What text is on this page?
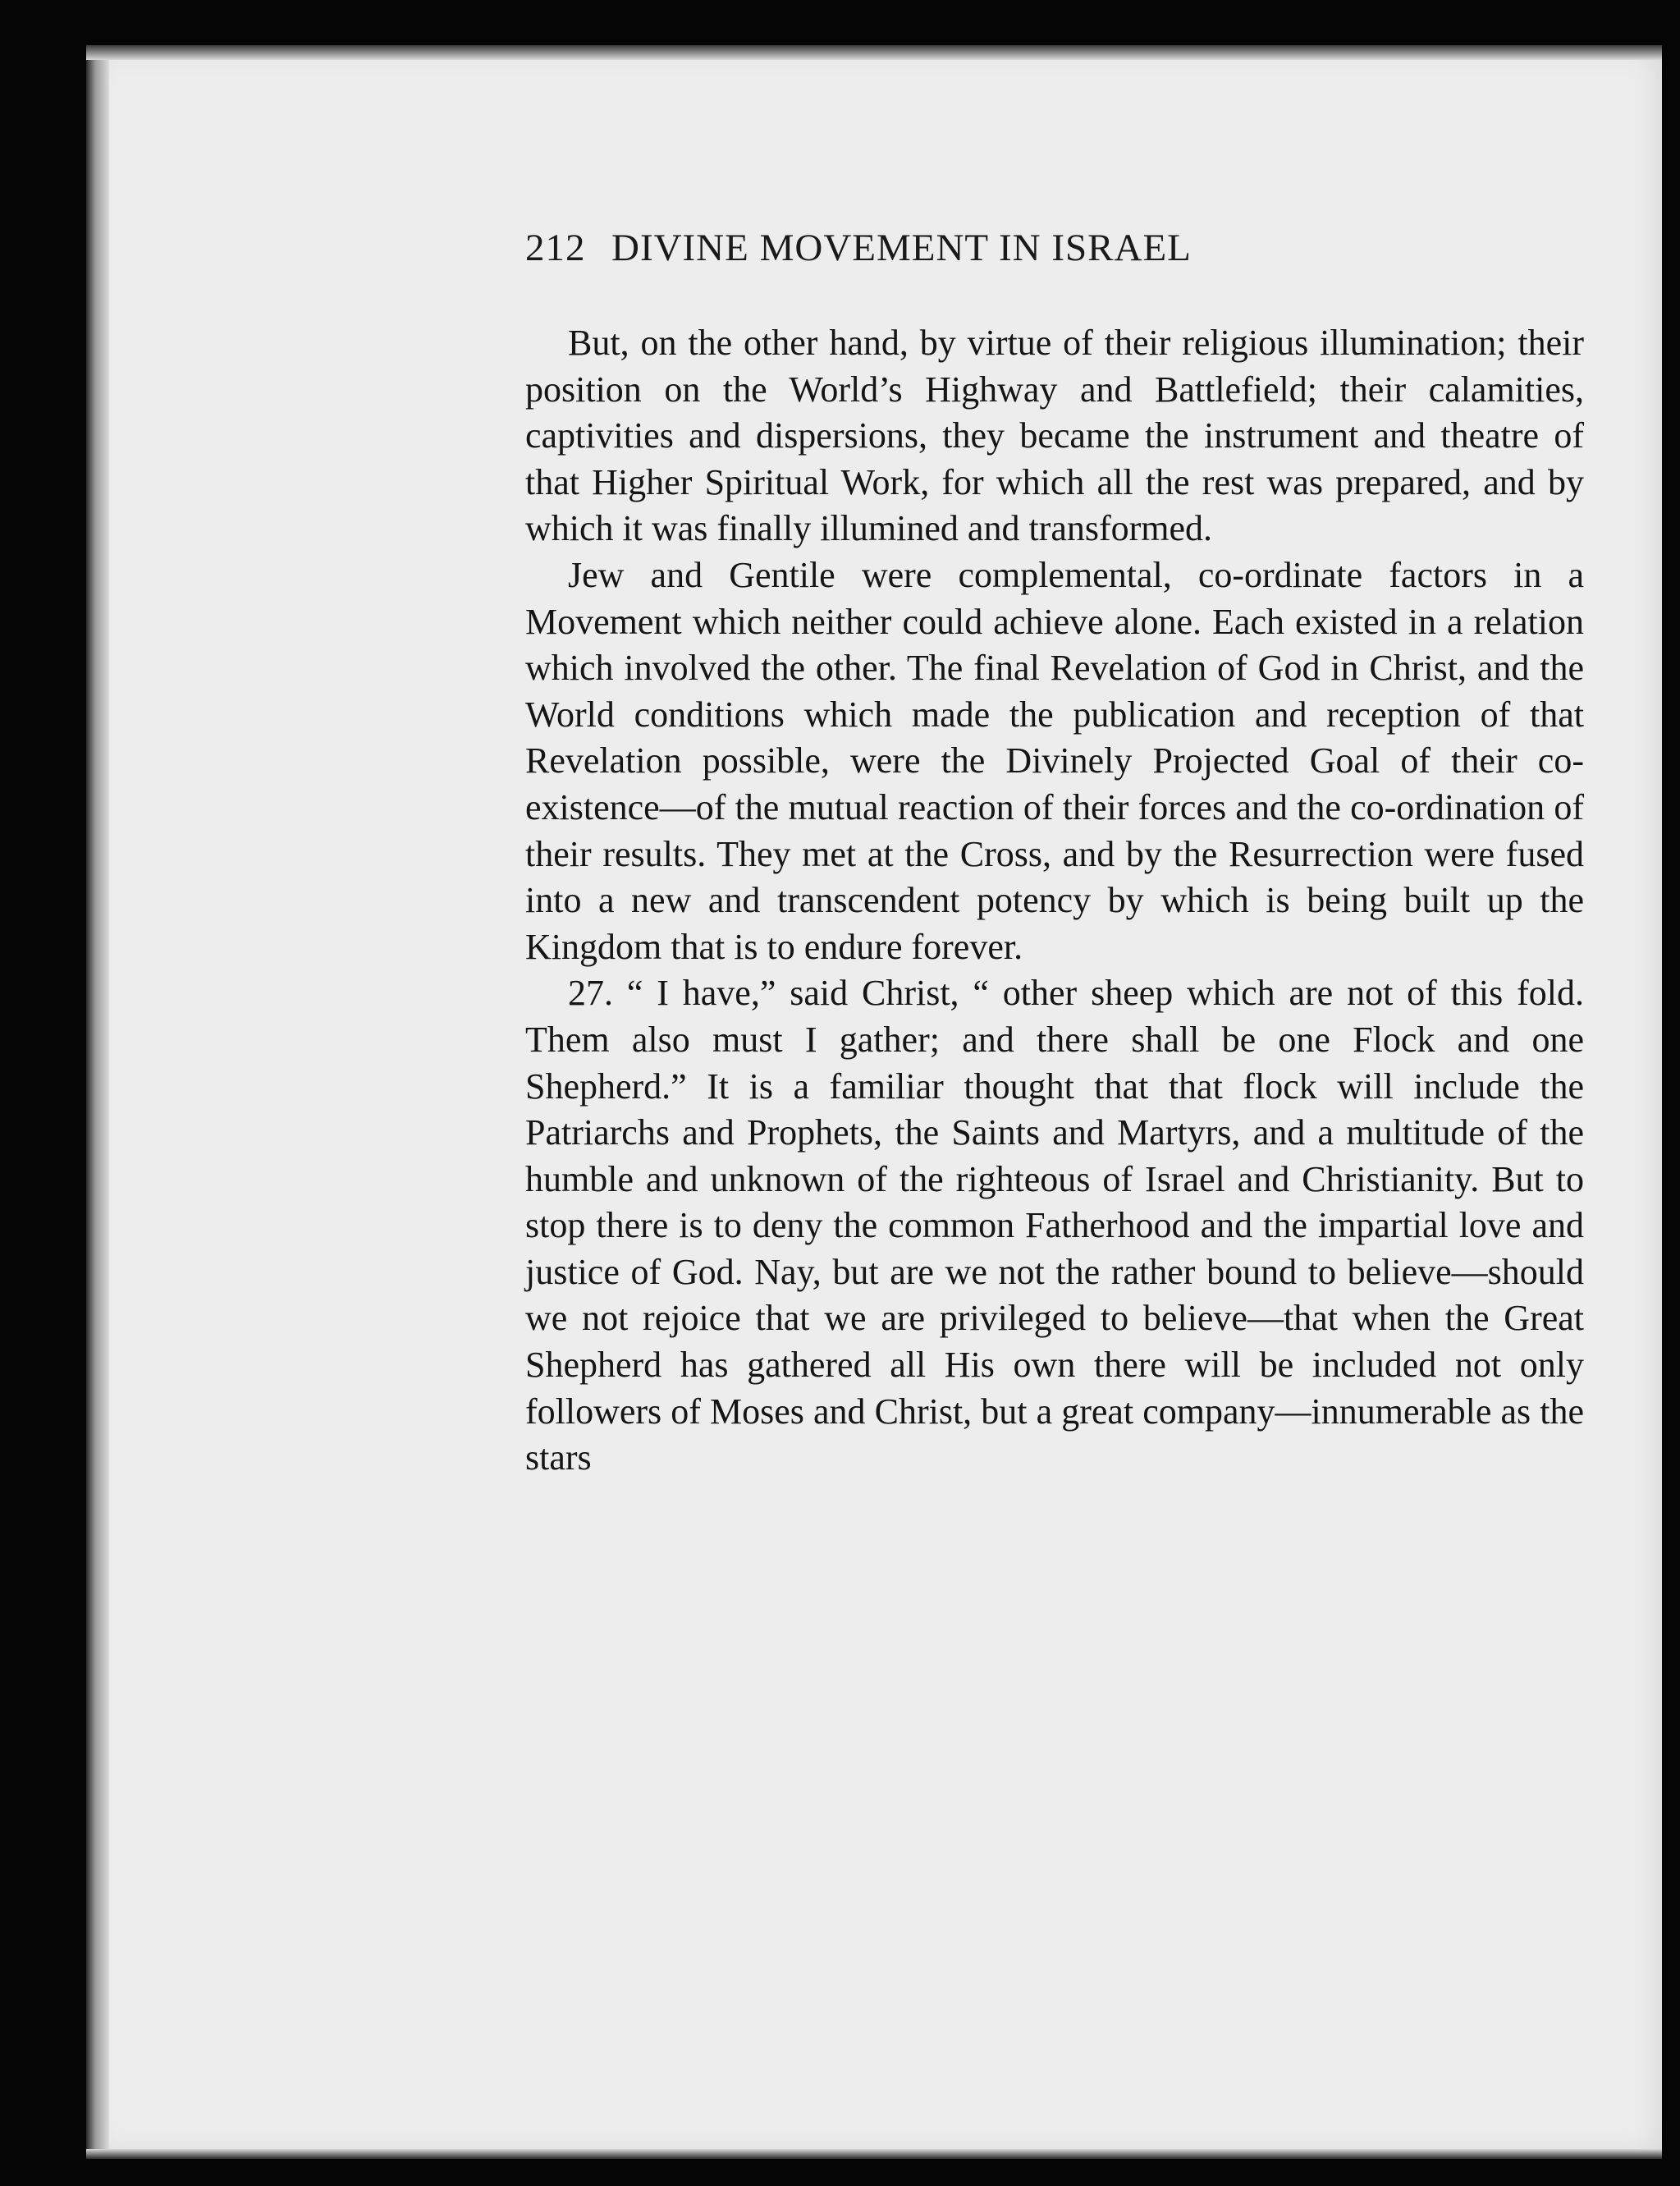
212 DIVINE MOVEMENT IN ISRAEL

But, on the other hand, by virtue of their religious illumination; their position on the World’s Highway and Battlefield; their calamities, captivities and dispersions, they became the instrument and theatre of that Higher Spiritual Work, for which all the rest was prepared, and by which it was finally illumined and transformed.

Jew and Gentile were complemental, co-ordinate factors in a Movement which neither could achieve alone. Each existed in a relation which involved the other. The final Revelation of God in Christ, and the World conditions which made the publication and reception of that Revelation possible, were the Divinely Projected Goal of their co-existence—of the mutual reaction of their forces and the co-ordination of their results. They met at the Cross, and by the Resurrection were fused into a new and transcendent potency by which is being built up the Kingdom that is to endure forever.

27. “ I have,” said Christ, “ other sheep which are not of this fold. Them also must I gather; and there shall be one Flock and one Shepherd.” It is a familiar thought that that flock will include the Patriarchs and Prophets, the Saints and Martyrs, and a multitude of the humble and unknown of the righteous of Israel and Christianity. But to stop there is to deny the common Fatherhood and the impartial love and justice of God. Nay, but are we not the rather bound to believe—should we not rejoice that we are privileged to believe—that when the Great Shepherd has gathered all His own there will be included not only followers of Moses and Christ, but a great company—innumerable as the stars
